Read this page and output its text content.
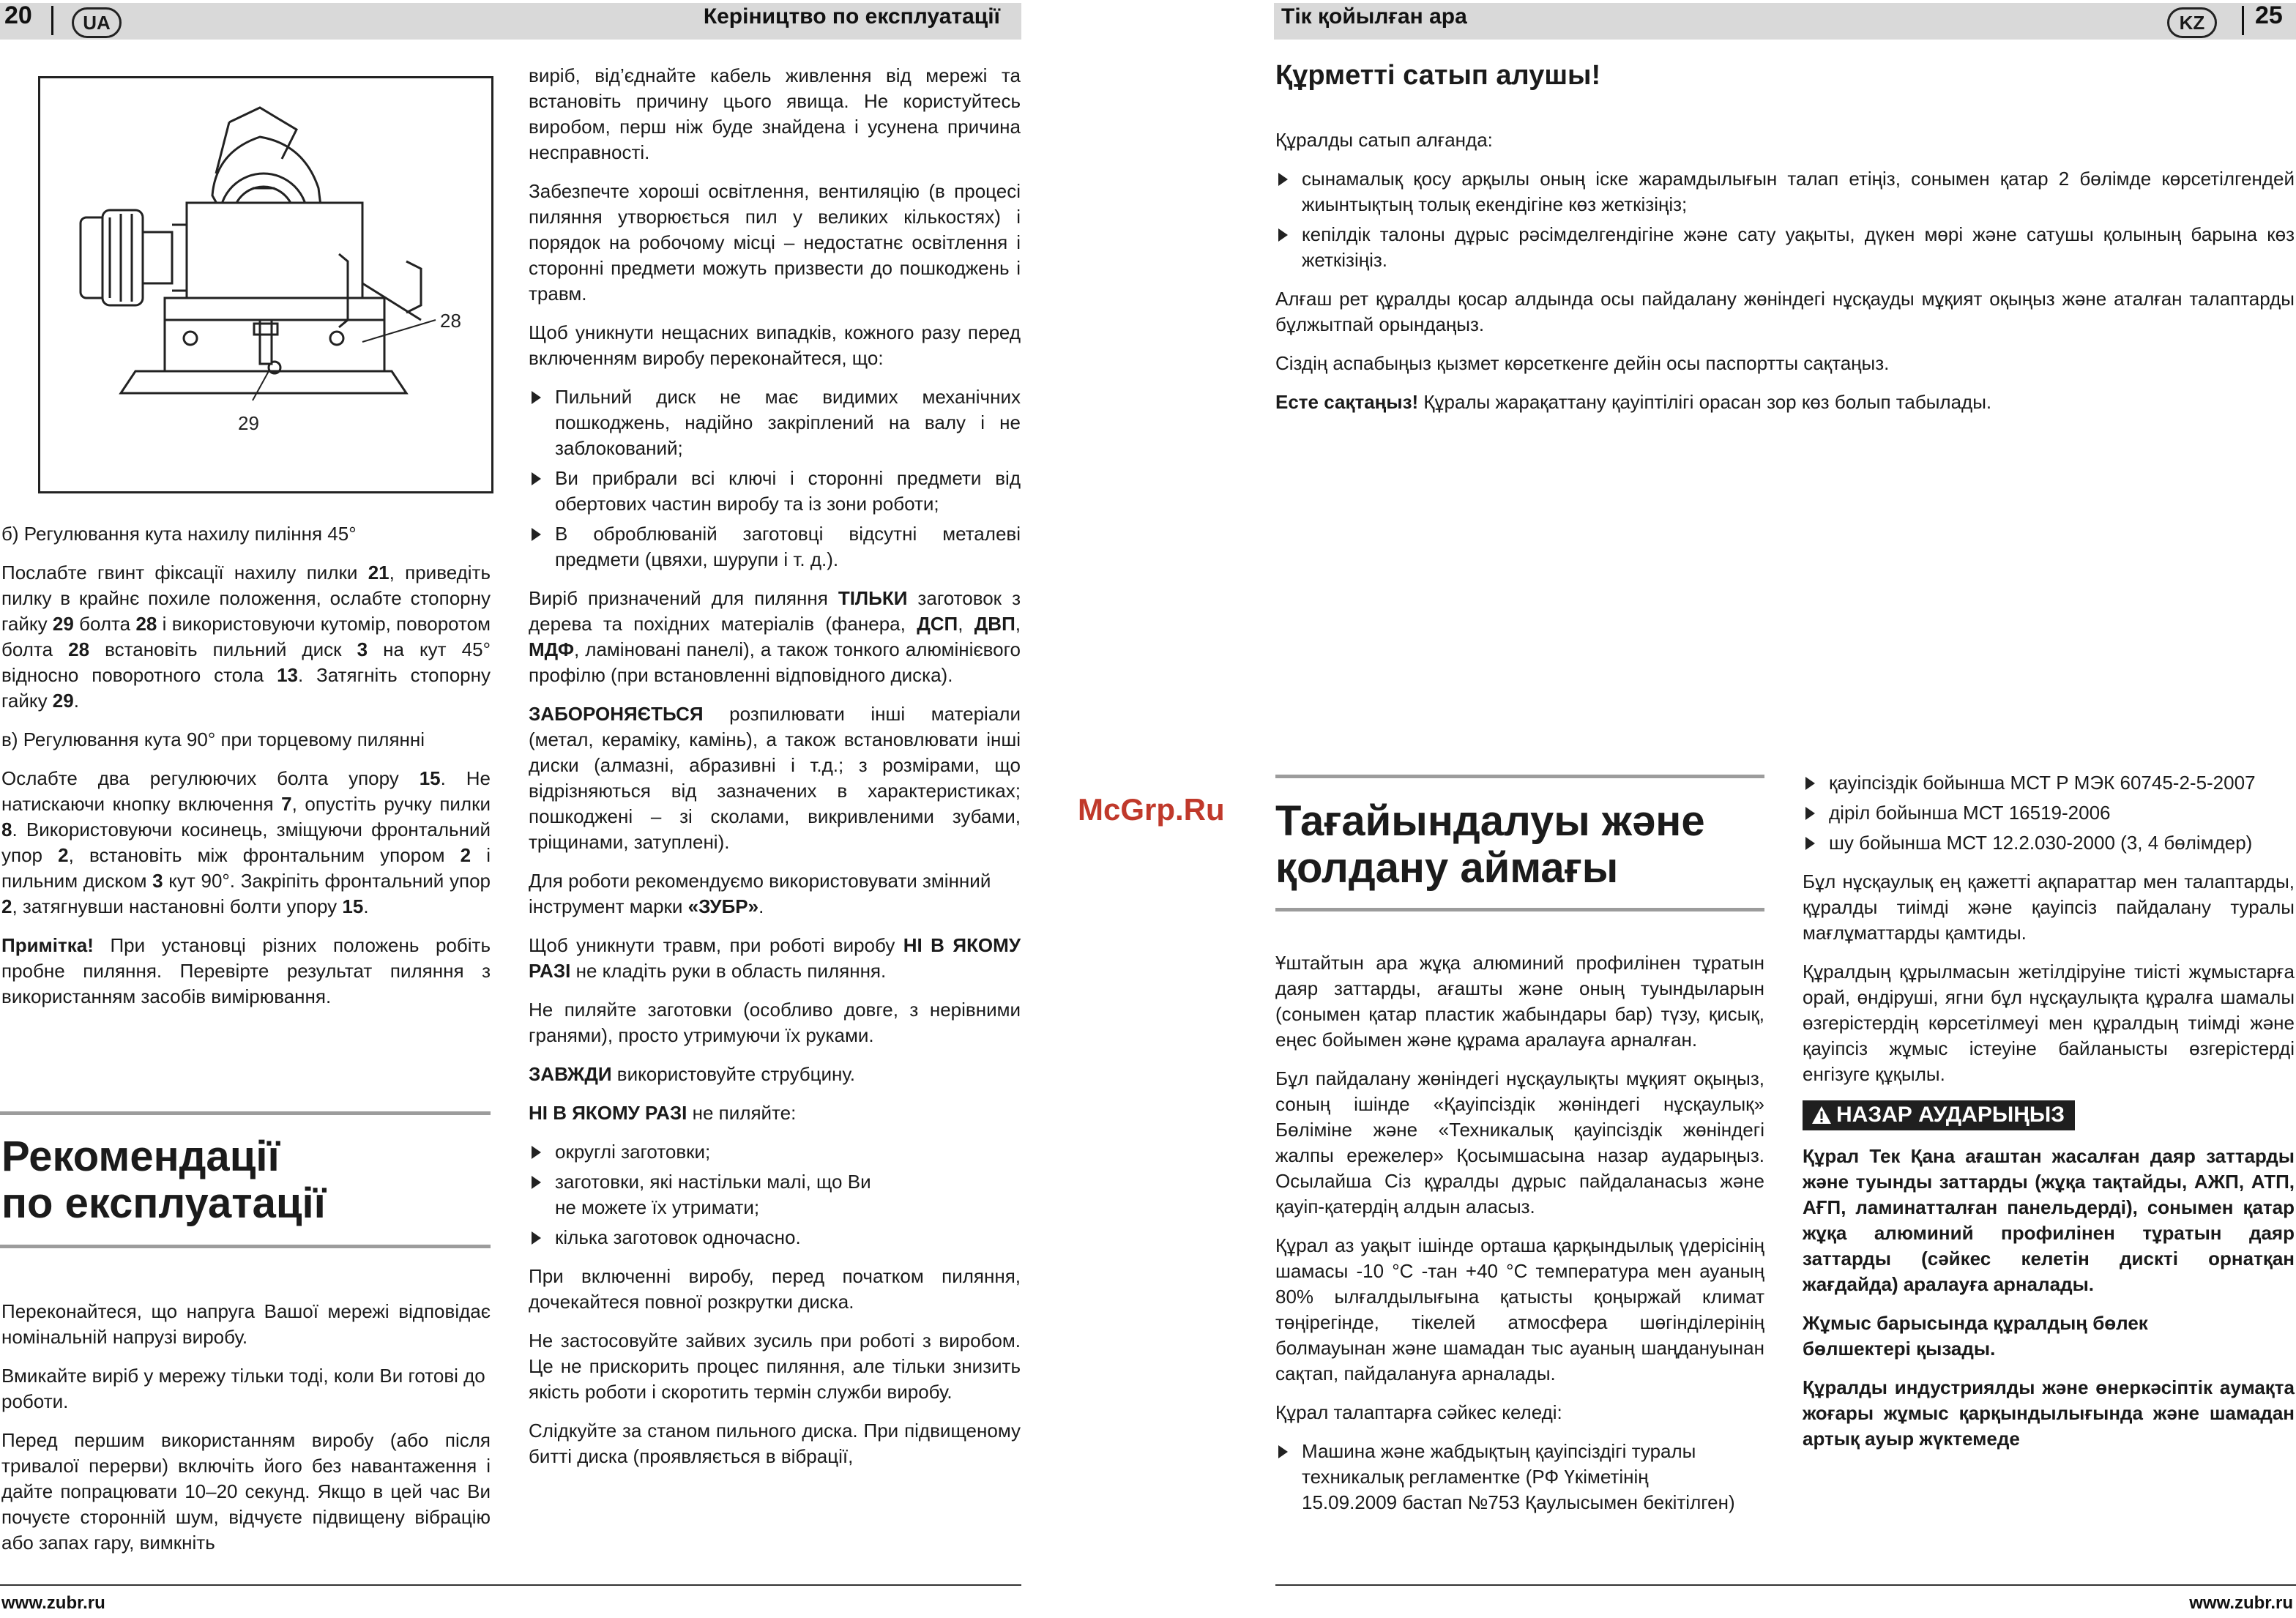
20	UA	Керіництво по експлуатації
28
29

б) Регулювання кута нахилу пиління 45°

Послабте гвинт фіксації нахилу пилки 21, приведіть пилку в крайнє похиле положення, ослабте стопорну гайку 29 болта 28 і використовуючи кутомір, поворотом болта 28 встановіть пильний диск 3 на кут 45° відносно поворотного стола 13. Затягніть стопорну гайку 29.

в) Регулювання кута 90° при торцевому пилянні

Ослабте два регулюючих болта упору 15. Не натискаючи кнопку включення 7, опустіть ручку пилки 8. Використовуючи косинець, зміщуючи фронтальний упор 2, встановіть між фронтальним упором 2 і пильним диском 3 кут 90°. Закріпіть фронтальний упор 2, затягнувши настановні болти упору 15.

Примітка! При установці різних положень робіть пробне пиляння. Перевірте результат пиляння з використанням засобів вимірювання.

Рекомендації
по експлуатації

Переконайтеся, що напруга Вашої мережі відповідає номінальній напрузі виробу.

Вмикайте виріб у мережу тільки тоді, коли Ви готові до роботи.

Перед першим використанням виробу (або після тривалої перерви) включіть його без навантаження і дайте попрацювати 10–20 секунд. Якщо в цей час Ви почуєте сторонній шум, відчуєте підвищену вібрацію або запах гару, вимкніть

виріб, від’єднайте кабель живлення від мережі та встановіть причину цього явища. Не користуйтесь виробом, перш ніж буде знайдена і усунена причина несправності.

Забезпечте хороші освітлення, вентиляцію (в процесі пиляння утворюється пил у великих кількостях) і порядок на робочому місці – недостатнє освітлення і сторонні предмети можуть призвести до пошкоджень і травм.

Щоб уникнути нещасних випадків, кожного разу перед включенням виробу переконайтеся, що:

Пильний диск не має видимих механічних пошкоджень, надійно закріплений на валу і не заблокований;
Ви прибрали всі ключі і сторонні предмети від обертових частин виробу та із зони роботи;
В оброблюваній заготовці відсутні металеві предмети (цвяхи, шурупи і т. д.).

Виріб призначений для пиляння ТІЛЬКИ заготовок з дерева та похідних матеріалів (фанера, ДСП, ДВП, МДФ, ламіновані панелі), а також тонкого алюмінієвого профілю (при встановленні відповідного диска).

ЗАБОРОНЯЄТЬСЯ розпилювати інші матеріали (метал, кераміку, камінь), а також встановлювати інші диски (алмазні, абразивні і т.д.; з розмірами, що відрізняються від зазначених в характеристиках; пошкоджені – зі сколами, викривленими зубами, тріщинами, затуплені).

Для роботи рекомендуємо використовувати змінний інструмент марки «ЗУБР».

Щоб уникнути травм, при роботі виробу НІ В ЯКОМУ РАЗІ не кладіть руки в область пиляння.

Не пиляйте заготовки (особливо довге, з нерівними гранями), просто утримуючи їх руками.

ЗАВЖДИ використовуйте струбцину.

НІ В ЯКОМУ РАЗІ не пиляйте:

округлі заготовки;
заготовки, які настільки малі, що Ви не можете їх утримати;
кілька заготовок одночасно.

При включенні виробу, перед початком пиляння, дочекайтеся повної розкрутки диска.

Не застосовуйте зайвих зусиль при роботі з виробом. Це не прискорить процес пиляння, але тільки знизить якість роботи і скоротить термін служби виробу.

Слідкуйте за станом пильного диска. При підвищеному битті диска (проявляється в вібрації,

www.zubr.ru
McGrp.Ru
Тік қойылған ара	KZ	25
Құрметті сатып алушы!

Құралды сатып алғанда:

сынамалық қосу арқылы оның іске жарамдылығын талап етіңіз, сонымен қатар 2 бөлімде көрсетілгендей жиынтықтың толық екендігіне көз жеткізіңіз;
кепілдік талоны дұрыс рәсімделгендігіне және сату уақыты, дүкен мөрі және сатушы қолының барына көз жеткізіңіз.

Алғаш рет құралды қосар алдында осы пайдалану жөніндегі нұсқауды мұқият оқыңыз және аталған талаптарды бұлжытпай орындаңыз.

Сіздің аспабыңыз қызмет көрсеткенге дейін осы паспортты сақтаңыз.

Есте сақтаңыз! Құралы жарақаттану қауіптілігі орасан зор көз болып табылады.

Тағайындалуы және
қолдану аймағы

Ұштайтын ара жұқа алюминий профилінен тұратын даяр заттарды, ағашты және оның туындыларын (сонымен қатар пластик жабындары бар) түзу, қисық, еңес бойымен және құрама аралауға арналған.

Бұл пайдалану жөніндегі нұсқаулықты мұқият оқыңыз, соның ішінде «Қауіпсіздік жөніндегі нұсқаулық» Бөліміне және «Техникалық қауіпсіздік жөніндегі жалпы ережелер» Қосымшасына назар аударыңыз. Осылайша Сіз құралды дұрыс пайдаланасыз және қауіп-қатердің алдын аласыз.

Құрал аз уақыт ішінде орташа қарқындылық үдерісінің шамасы -10 °С -тан +40 °С температура мен ауаның 80% ылғалдылығына қатысты қоңыржай климат төңірегінде, тікелей атмосфера шөгінділерінің болмауынан және шамадан тыс ауаның шаңдануынан сақтап, пайдалануға арналады.

Құрал талаптарға сәйкес келеді:

Машина және жабдықтың қауіпсіздігі туралы техникалық регламентке (РФ Үкіметінің 15.09.2009 бастап №753 Қаулысымен бекітілген)
қауіпсіздік бойынша МСТ Р МЭК 60745-2-5-2007
діріл бойынша МСТ 16519-2006
шу бойынша МСТ 12.2.030-2000 (3, 4 бөлімдер)

Бұл нұсқаулық ең қажетті ақпараттар мен талаптарды, құралды тиімді және қауіпсіз пайдалану туралы мағлұматтарды қамтиды.

Құралдың құрылмасын жетілдіруіне тиісті жұмыстарға орай, өндіруші, ягни бұл нұсқаулықта құралға шамалы өзгерістердің көрсетілмеуі мен құралдың тиімді және қауіпсіз жұмыс істеуіне байланысты өзгерістерді енгізуге құқылы.

НАЗАР АУДАРЫҢЫЗ

Құрал Тек Қана ағаштан жасалған даяр заттарды және туынды заттарды (жұқа тақтайды, АЖП, АТП, АҒП, ламинатталған панельдерді), сонымен қатар жұқа алюминий профилінен тұратын даяр заттарды (сәйкес келетін дискті орнатқан жағдайда) аралауға арналады.

Жұмыс барысында құралдың бөлек бөлшектері қызады.

Құралды индустриялды және өнеркәсіптік аумақта жоғары жұмыс қарқындылығында және шамадан артық ауыр жүктемеде

www.zubr.ru
